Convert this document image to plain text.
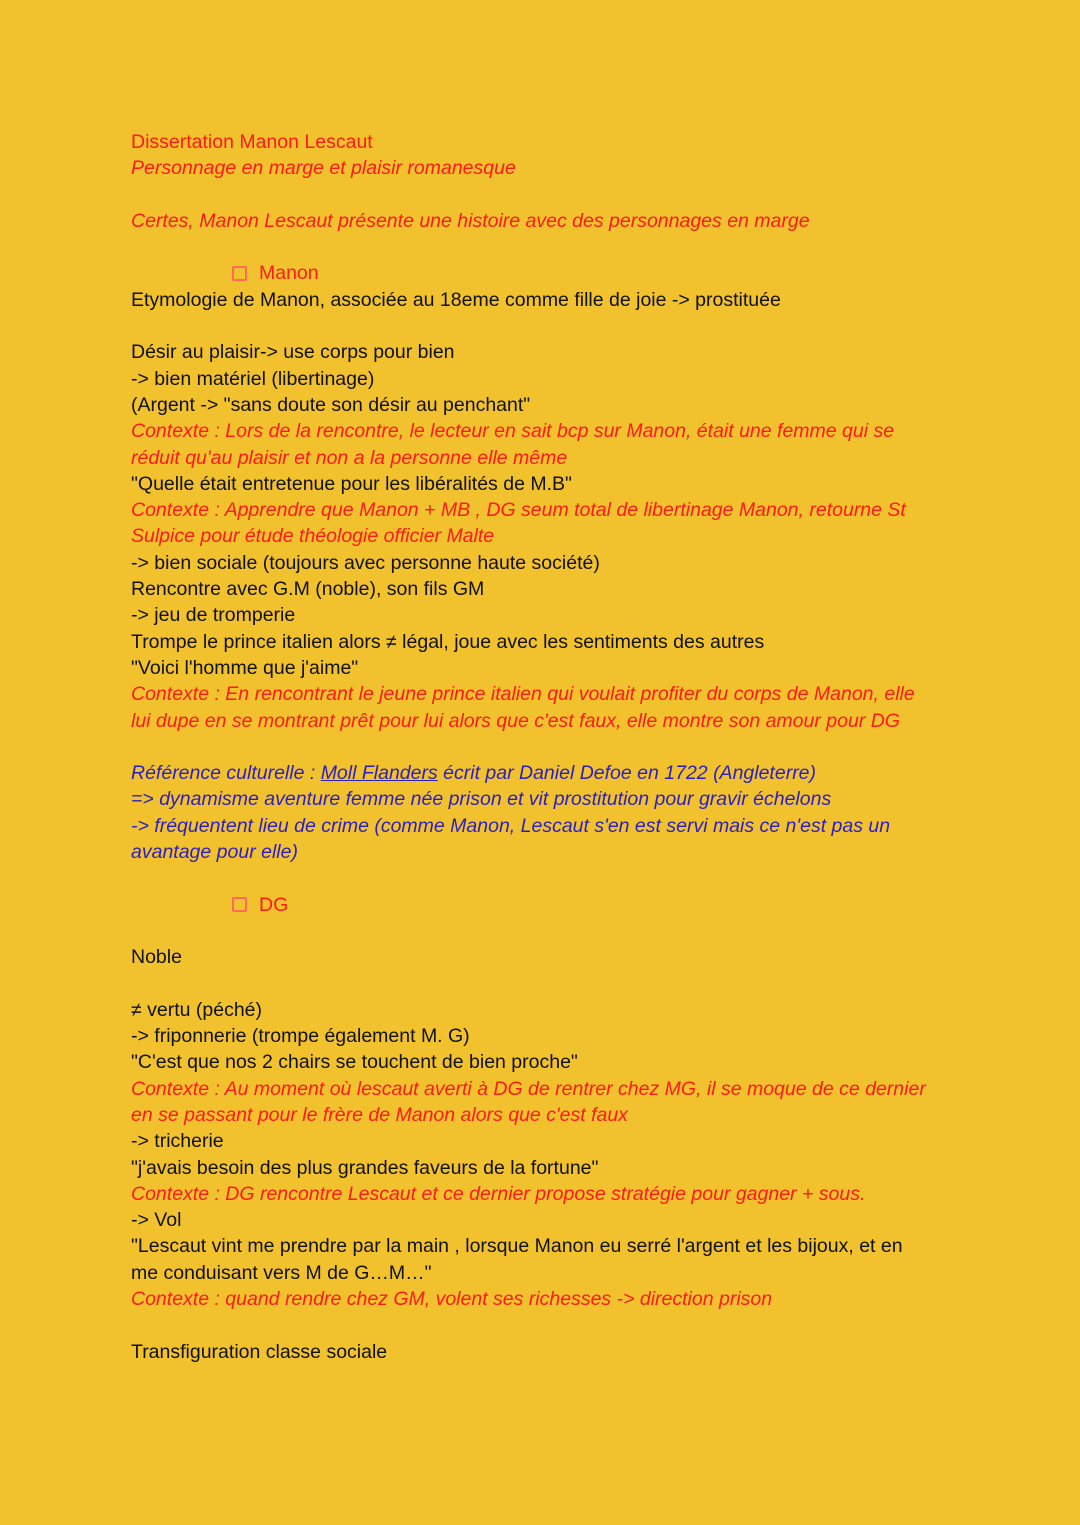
Dissertation Manon Lescaut
Personnage en marge et plaisir romanesque
Certes, Manon Lescaut présente une histoire avec des personnages en marge
Manon
Etymologie de Manon, associée au 18eme comme fille de joie -> prostituée
Désir au plaisir-> use corps pour bien
-> bien matériel (libertinage)
(Argent -> "sans doute son désir au penchant"
Contexte : Lors de la rencontre, le lecteur en sait bcp sur Manon, était une femme qui se
réduit qu'au plaisir et non a la personne elle même
"Quelle était entretenue pour les libéralités de M.B"
Contexte : Apprendre que Manon + MB , DG seum total de libertinage Manon, retourne St
Sulpice pour étude théologie officier Malte
-> bien sociale (toujours avec personne haute société)
Rencontre avec G.M (noble), son fils GM
-> jeu de tromperie
Trompe le prince italien alors ≠ légal, joue avec les sentiments des autres
"Voici l'homme que j'aime"
Contexte : En rencontrant le jeune prince italien qui voulait profiter du corps de Manon, elle
lui dupe en se montrant prêt pour lui alors que c'est faux, elle montre son amour pour DG
Référence culturelle : Moll Flanders écrit par Daniel Defoe en 1722 (Angleterre)
=> dynamisme aventure femme née prison et vit prostitution pour gravir échelons
-> fréquentent lieu de crime (comme Manon, Lescaut s'en est servi mais ce n'est pas un
avantage pour elle)
DG
Noble
≠ vertu (péché)
-> friponnerie (trompe également M. G)
"C'est que nos 2 chairs se touchent de bien proche"
Contexte : Au moment où lescaut averti à DG de rentrer chez MG, il se moque de ce dernier
en se passant pour le frère de Manon alors que c'est faux
-> tricherie
"j'avais besoin des plus grandes faveurs de la fortune"
Contexte : DG rencontre Lescaut et ce dernier propose stratégie pour gagner + sous.
-> Vol
"Lescaut vint me prendre par la main , lorsque Manon eu serré l'argent et les bijoux, et en
me conduisant vers M de G…M…"
Contexte : quand rendre chez GM, volent ses richesses -> direction prison
Transfiguration classe sociale
